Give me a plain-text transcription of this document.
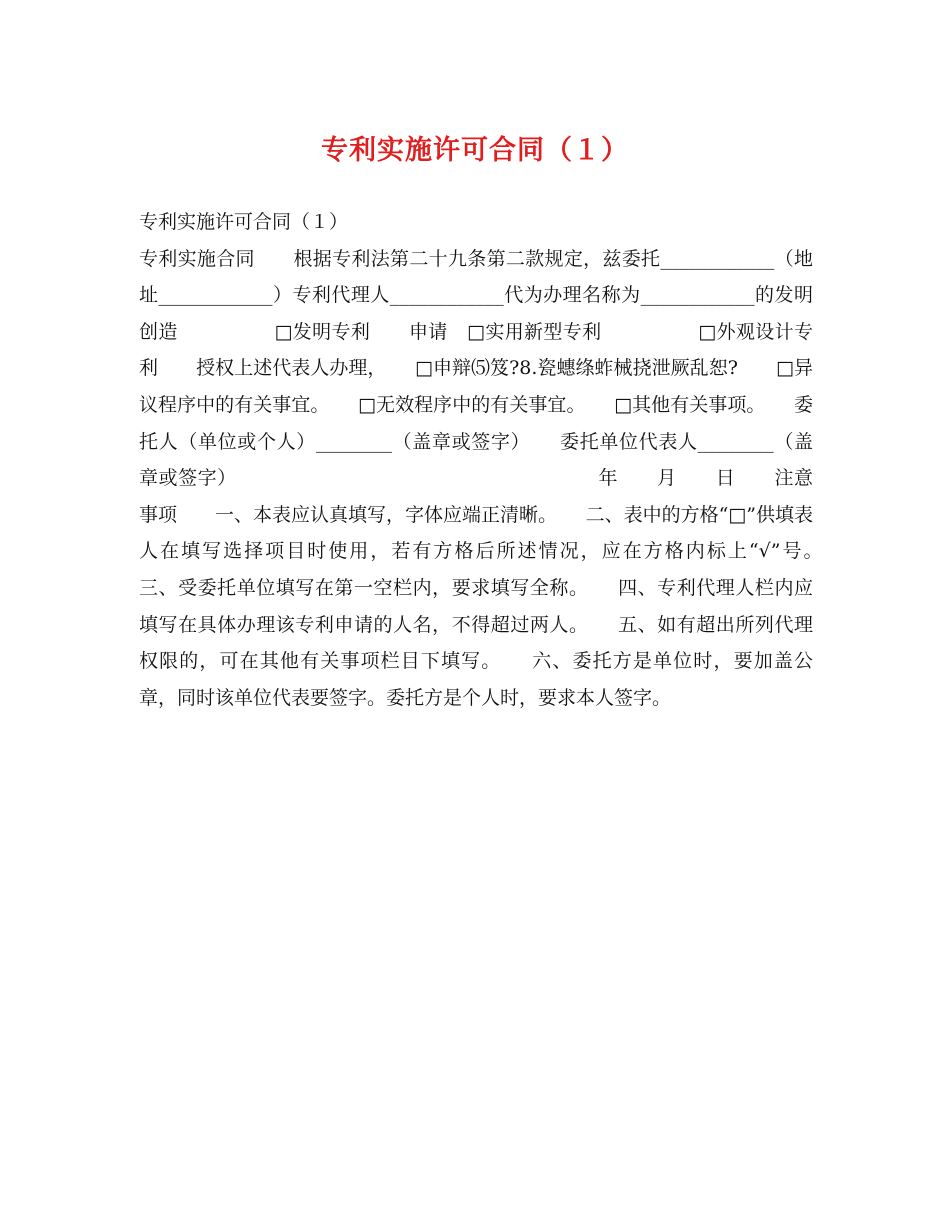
专利实施许可合同（１）

专利实施许可合同（１）

专利实施合同　　根据专利法第二十九条第二款规定，兹委托____________（地址____________）专利代理人____________代为办理名称为____________的发明创造　　　　　□发明专利　　申请　□实用新型专利　　　　　□外观设计专利　　授权上述代表人办理，　　□申辩⑸笈?8.瓷蟪绦蚱械挠泄厥乱恕?　　□异议程序中的有关事宜。　　□无效程序中的有关事宜。　　□其他有关事项。　　委托人（单位或个人）________（盖章或签字）　　委托单位代表人________（盖章或签字）　　　　　　　　　　　　　　　　　　　年　　月　　日　　注意事项　　一、本表应认真填写，字体应端正清晰。　　二、表中的方格“□”供填表人在填写选择项目时使用，若有方格后所述情况，应在方格内标上“√”号。　　三、受委托单位填写在第一空栏内，要求填写全称。　　四、专利代理人栏内应填写在具体办理该专利申请的人名，不得超过两人。　　五、如有超出所列代理权限的，可在其他有关事项栏目下填写。　　六、委托方是单位时，要加盖公章，同时该单位代表要签字。委托方是个人时，要求本人签字。
